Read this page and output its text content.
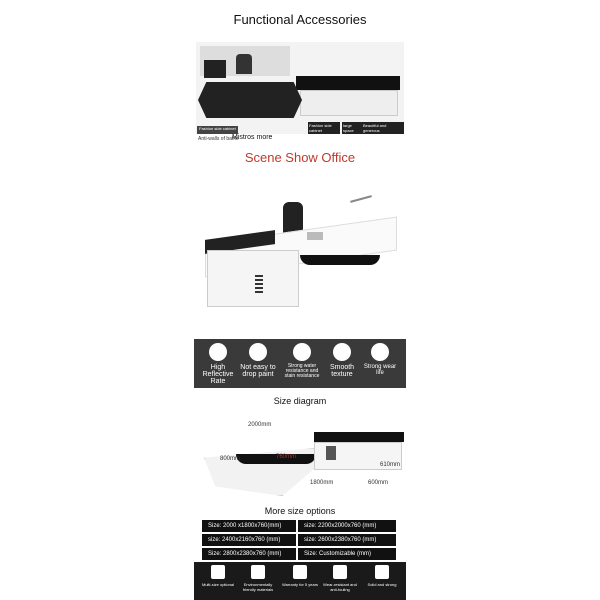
Functional Accessories
Fashion side cabinet
Anti-walls of baffle
Mistros more
Fashion side cabinet
large space
Beautiful and generous
Scene Show Office
High Reflective Rate
Not easy to drop paint
Strong water resistance and stain resistance
Smooth texture
Strong wear life
Size diagram
2000mm
800mm	760mm
610mm
1800mm	600mm
More size options
Size: 2000 x1800x760(mm)	size: 2200x2000x760 (mm)
size: 2400x2160x760 (mm)	size: 2600x2380x760 (mm)
Size: 2800x2380x760 (mm)	Size: Customizable (mm)
Multi-size optional	Environmentally friendly materials
Warranty for 5 years	Wear-resistant and anti-fouling
Solid and strong
